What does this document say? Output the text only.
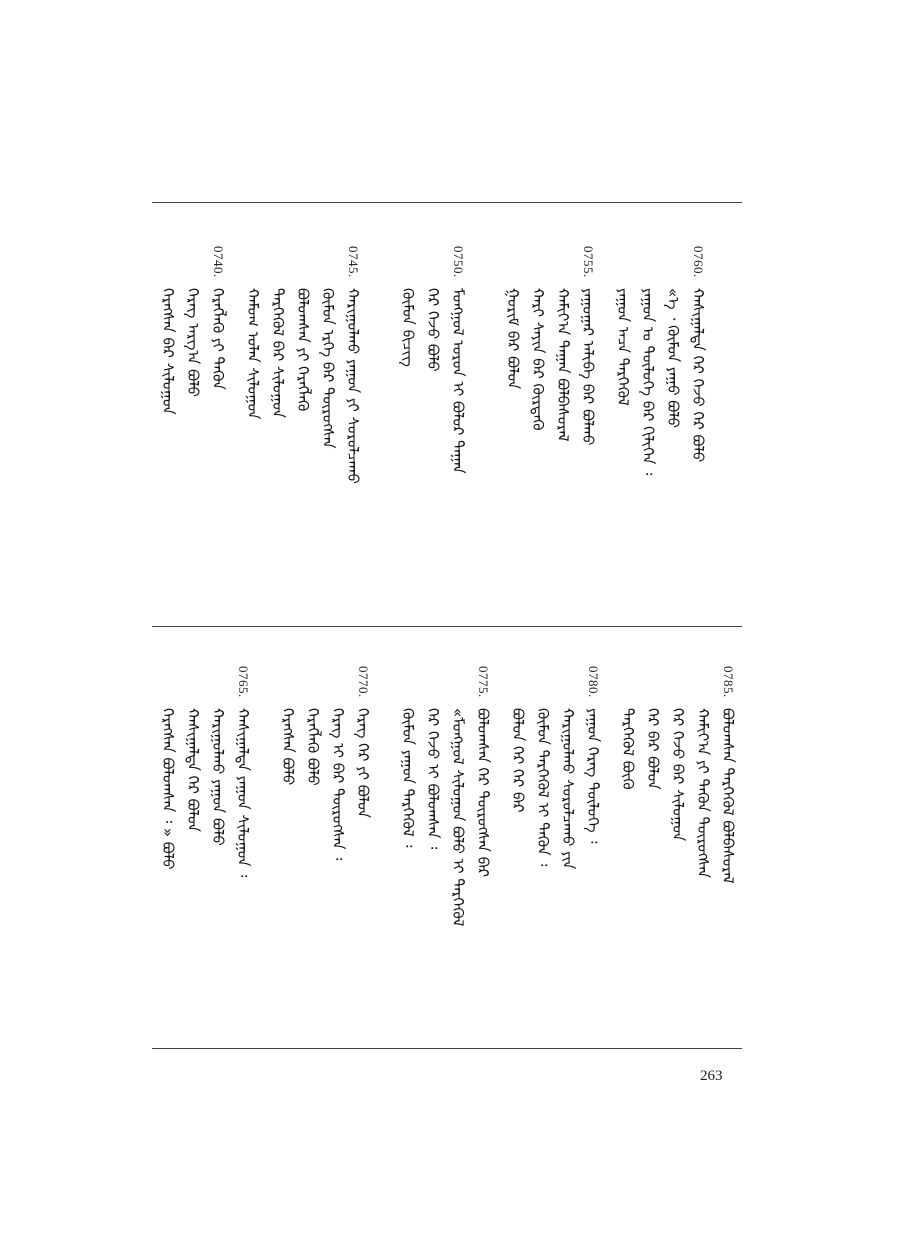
0760.
ᠬᠠᠰᠢᠭᠠᠯᠲᠠ ᠬᠡᠷ ᠭᠡᠵᠦ ᠬᠡᠷ ᠪᠣᠯᠤ
«ᠡ ᠂ ᠬᠦᠮᠦᠨ ᠶᠠᠭᠤ ᠪᠣᠯᠤ
ᠶᠠᠭᠤᠨ ᠤ ᠲᠥᠯᠦᠭᠡ ᠪᠡᠷ ᠬᠢᠯᠢᠭᠡᠨ ᠄
ᠶᠠᠭᠤᠨ ᠠᠴᠠ ᠲᠡᠷᠭᠡᠭᠦᠯ
0755.
ᠶᠠᠭᠤᠭᠠᠷ ᠠᠯᠢᠪᠠ ᠪᠡᠷ ᠪᠤᠯᠬᠤ
ᠬᠠᠮᠢᠶ᠎ᠠ ᠳᠠᠭᠠᠨ ᠪᠣᠯᠪᠠᠰᠤᠷᠠᠯ
ᠬᠠᠷᠢ ᠰᠠᠶᠢᠨ ᠪᠡᠷ ᠬᠦᠷᠲᠡᠬᠦ
ᠭᠣᠷᠢᠮ ᠪᠡᠷ ᠪᠣᠯᠤᠨ
0750.
ᠮᠣᠩᠭᠣᠯ ᠤᠷᠤᠨ ᠢ ᠪᠤᠯᠤᠷ ᠳᠠᠭᠠᠨ
ᠬᠡᠷ ᠭᠡᠵᠦ ᠪᠣᠯᠤ
ᠬᠦᠮᠦᠨ ᠪᠢᠴᠢᠭ
0745.
ᠬᠠᠷᠢᠭᠤᠯᠬᠤ ᠶᠠᠭᠤᠨ ᠶᠢ ᠰᠤᠷᠤᠯᠴᠠᠬᠤ
ᠬᠦᠮᠦᠨ ᠡᠷᠬᠡ ᠪᠡᠷ ᠲᠥᠷᠦᠭᠰᠡᠨ
ᠪᠣᠯᠤᠭᠰᠠᠨ ᠶᠢ ᠬᠡᠷᠡᠭᠯᠡᠬᠦ
ᠲᠡᠷᠭᠡᠭᠦᠯ ᠪᠡᠷ ᠰᠢᠯᠤᠭᠤᠨ
ᠬᠠᠮᠤᠭ ᠤᠯᠠᠨ ᠰᠢᠯᠤᠭᠤᠨ
0740.
ᠬᠡᠷᠡᠭᠯᠡᠬᠦ ᠶᠢ ᠲᠡᠭᠦᠨ
ᠬᠡᠷᠡᠭ ᠠᠷᠭ᠎ᠠ ᠪᠣᠯᠤ
ᠬᠡᠷᠡᠭᠰᠡᠨ ᠪᠡᠷ ᠰᠢᠯᠤᠭᠤᠨ
0785.
ᠪᠤᠯᠤᠭᠰᠠᠨ ᠲᠡᠷᠭᠡᠭᠦᠯ ᠪᠣᠯᠪᠠᠰᠤᠷᠠᠯ
ᠬᠠᠮᠢᠶ᠎ᠠ ᠶᠢ ᠲᠡᠭᠦᠨ ᠲᠥᠷᠦᠭᠰᠡᠨ
ᠬᠡᠷ ᠭᠡᠵᠦ ᠪᠡᠷ ᠰᠢᠯᠤᠭᠤᠨ
ᠬᠡᠷ ᠪᠡᠷ ᠪᠣᠯᠤᠨ
ᠲᠡᠷᠭᠡᠭᠦᠯ ᠪᠦᠬᠦ
0780.
ᠶᠠᠭᠤᠨ ᠬᠡᠷᠡᠭ ᠲᠥᠯᠦᠭᠡ ᠄
ᠬᠠᠷᠢᠭᠤᠯᠬᠤ ᠰᠤᠷᠤᠯᠴᠠᠬᠤ ᠶᠢᠨ
ᠬᠦᠮᠦᠨ ᠲᠡᠷᠭᠡᠭᠦᠯ ᠢ ᠲᠡᠭᠦᠨ ᠄
ᠪᠣᠯᠤᠨ ᠬᠡᠷ ᠭᠡᠷ ᠪᠡᠷ
0775.
ᠪᠣᠯᠤᠭᠰᠠᠨ ᠬᠡᠷ ᠲᠥᠷᠦᠭᠰᠡᠨ ᠪᠡᠷ
«ᠮᠣᠩᠭᠣᠯ ᠰᠢᠯᠤᠭᠤᠨ ᠪᠣᠯᠤ ᠢ ᠲᠡᠷᠭᠡᠭᠦᠯ
ᠬᠡᠷ ᠭᠡᠵᠦ ᠢ ᠪᠣᠯᠤᠭᠰᠠᠨ ᠄
ᠬᠦᠮᠦᠨ ᠶᠠᠭᠤᠨ ᠲᠡᠷᠭᠡᠭᠦᠯ ᠄
0770.
ᠬᠡᠷᠡᠭ ᠬᠡᠷ ᠶᠢ ᠪᠣᠯᠤᠨ
ᠬᠡᠷᠡᠭ ᠢ ᠪᠡᠷ ᠲᠥᠷᠦᠭᠰᠡᠨ ᠄
ᠬᠡᠷᠡᠭᠯᠡᠬᠦ ᠪᠣᠯᠤ
ᠬᠡᠷᠡᠭᠰᠡᠨ ᠪᠣᠯᠤ
0765.
ᠬᠠᠰᠢᠭᠠᠯᠲᠠ ᠶᠠᠭᠤᠨ ᠰᠢᠯᠤᠭᠤᠨ ᠄
ᠬᠠᠷᠢᠭᠤᠯᠬᠤ ᠶᠠᠭᠤᠨ ᠪᠣᠯᠤ
ᠬᠠᠰᠢᠭᠠᠯᠲᠠ ᠬᠡᠷ ᠪᠣᠯᠤᠨ
ᠬᠡᠷᠡᠭᠰᠡᠨ ᠪᠣᠯᠤᠭᠰᠠᠨ ᠄ » ᠪᠣᠯᠤ
263
